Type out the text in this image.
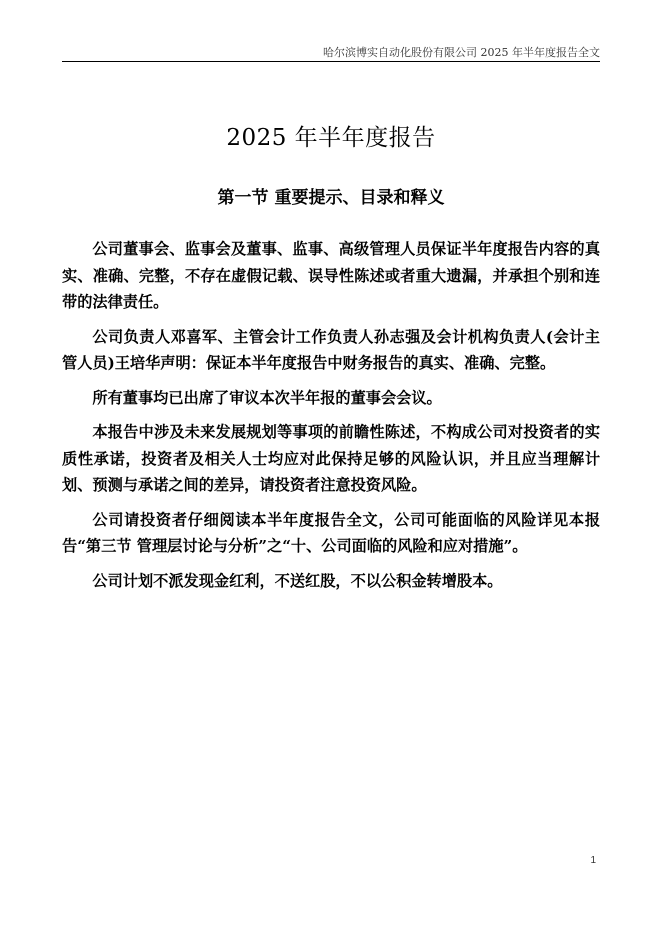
哈尔滨博实自动化股份有限公司 2025 年半年度报告全文
2025 年半年度报告
第一节 重要提示、目录和释义

公司董事会、监事会及董事、监事、高级管理人员保证半年度报告内容的真实、准确、完整，不存在虚假记载、误导性陈述或者重大遗漏，并承担个别和连带的法律责任。

公司负责人邓喜军、主管会计工作负责人孙志强及会计机构负责人(会计主管人员)王培华声明：保证本半年度报告中财务报告的真实、准确、完整。

所有董事均已出席了审议本次半年报的董事会会议。

本报告中涉及未来发展规划等事项的前瞻性陈述，不构成公司对投资者的实质性承诺，投资者及相关人士均应对此保持足够的风险认识，并且应当理解计划、预测与承诺之间的差异，请投资者注意投资风险。

公司请投资者仔细阅读本半年度报告全文，公司可能面临的风险详见本报告“第三节 管理层讨论与分析”之“十、公司面临的风险和应对措施”。

公司计划不派发现金红利，不送红股，不以公积金转增股本。

1
